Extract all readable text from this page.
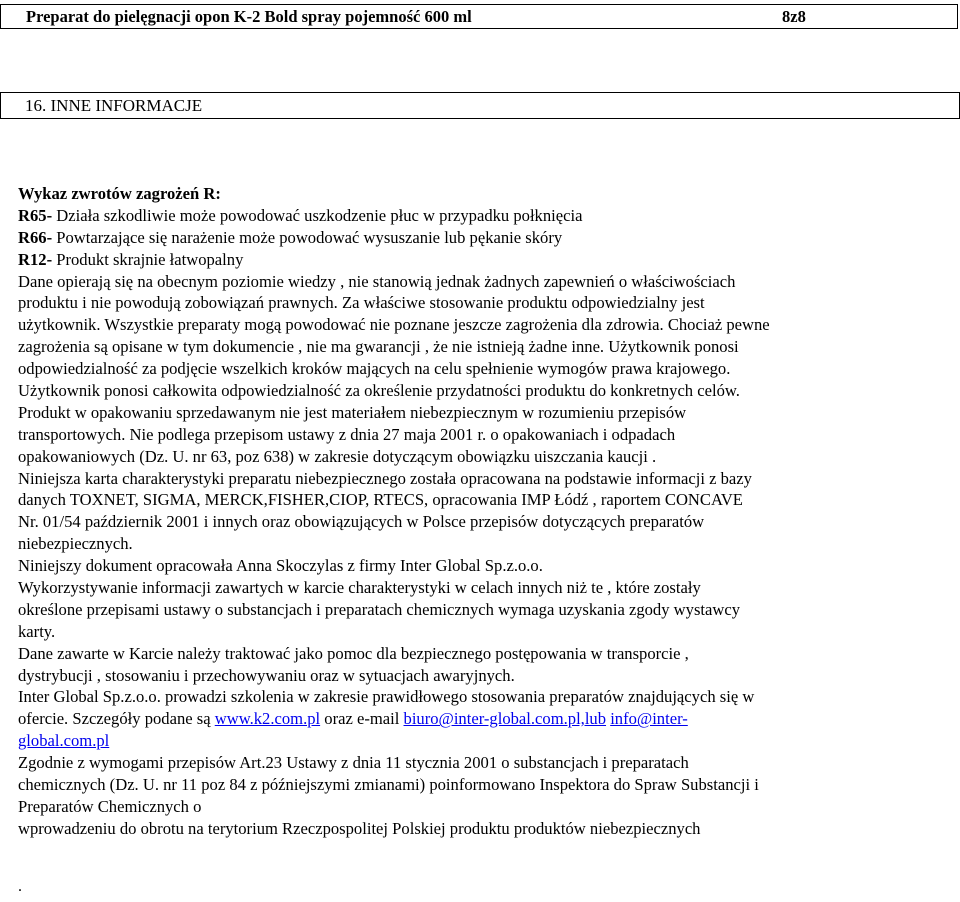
Preparat do pielęgnacji opon K-2 Bold spray pojemność 600 ml	8z8
16. INNE INFORMACJE
Wykaz zwrotów zagrożeń R:
R65- Działa szkodliwie może powodować uszkodzenie płuc w przypadku połknięcia
R66- Powtarzające się narażenie może powodować wysuszanie lub pękanie skóry
R12- Produkt skrajnie łatwopalny
Dane opierają się na obecnym poziomie wiedzy , nie stanowią jednak żadnych zapewnień o właściwościach
produktu i nie powodują zobowiązań prawnych. Za właściwe stosowanie produktu odpowiedzialny jest
użytkownik. Wszystkie preparaty mogą powodować nie poznane jeszcze zagrożenia dla zdrowia. Chociaż pewne
zagrożenia są opisane w tym dokumencie , nie ma gwarancji , że nie istnieją żadne inne. Użytkownik ponosi
odpowiedzialność za podjęcie wszelkich kroków mających na celu spełnienie wymogów prawa krajowego.
Użytkownik ponosi całkowita odpowiedzialność za określenie przydatności produktu do konkretnych celów.
Produkt w opakowaniu sprzedawanym nie jest materiałem niebezpiecznym w rozumieniu przepisów
transportowych. Nie podlega przepisom ustawy z dnia 27 maja 2001 r. o opakowaniach i odpadach
opakowaniowych (Dz. U. nr 63, poz 638) w zakresie dotyczącym obowiązku uiszczania kaucji .
Niniejsza karta charakterystyki preparatu niebezpiecznego została opracowana na podstawie informacji z bazy
danych TOXNET, SIGMA, MERCK,FISHER,CIOP, RTECS, opracowania IMP Łódź , raportem CONCAVE
Nr. 01/54 październik 2001 i innych oraz obowiązujących w Polsce przepisów dotyczących preparatów
niebezpiecznych.
Niniejszy dokument opracowała Anna Skoczylas z firmy Inter Global Sp.z.o.o.
Wykorzystywanie informacji zawartych w karcie charakterystyki w celach innych niż te , które zostały
określone przepisami ustawy o substancjach i preparatach chemicznych wymaga uzyskania zgody wystawcy
karty.
Dane zawarte w Karcie należy traktować jako pomoc dla bezpiecznego postępowania w transporcie ,
dystrybucji , stosowaniu i przechowywaniu oraz w sytuacjach awaryjnych.
Inter Global Sp.z.o.o. prowadzi szkolenia w zakresie prawidłowego stosowania preparatów znajdujących się w
ofercie. Szczegóły podane są www.k2.com.pl oraz e-mail biuro@inter-global.com.pl,lub info@inter-
global.com.pl
Zgodnie z wymogami przepisów Art.23 Ustawy z dnia 11 stycznia 2001 o substancjach i preparatach
chemicznych (Dz. U. nr 11 poz 84 z późniejszymi zmianami) poinformowano Inspektora do Spraw Substancji i
Preparatów Chemicznych o
wprowadzeniu do obrotu na terytorium Rzeczpospolitej Polskiej produktu produktów niebezpiecznych
.
